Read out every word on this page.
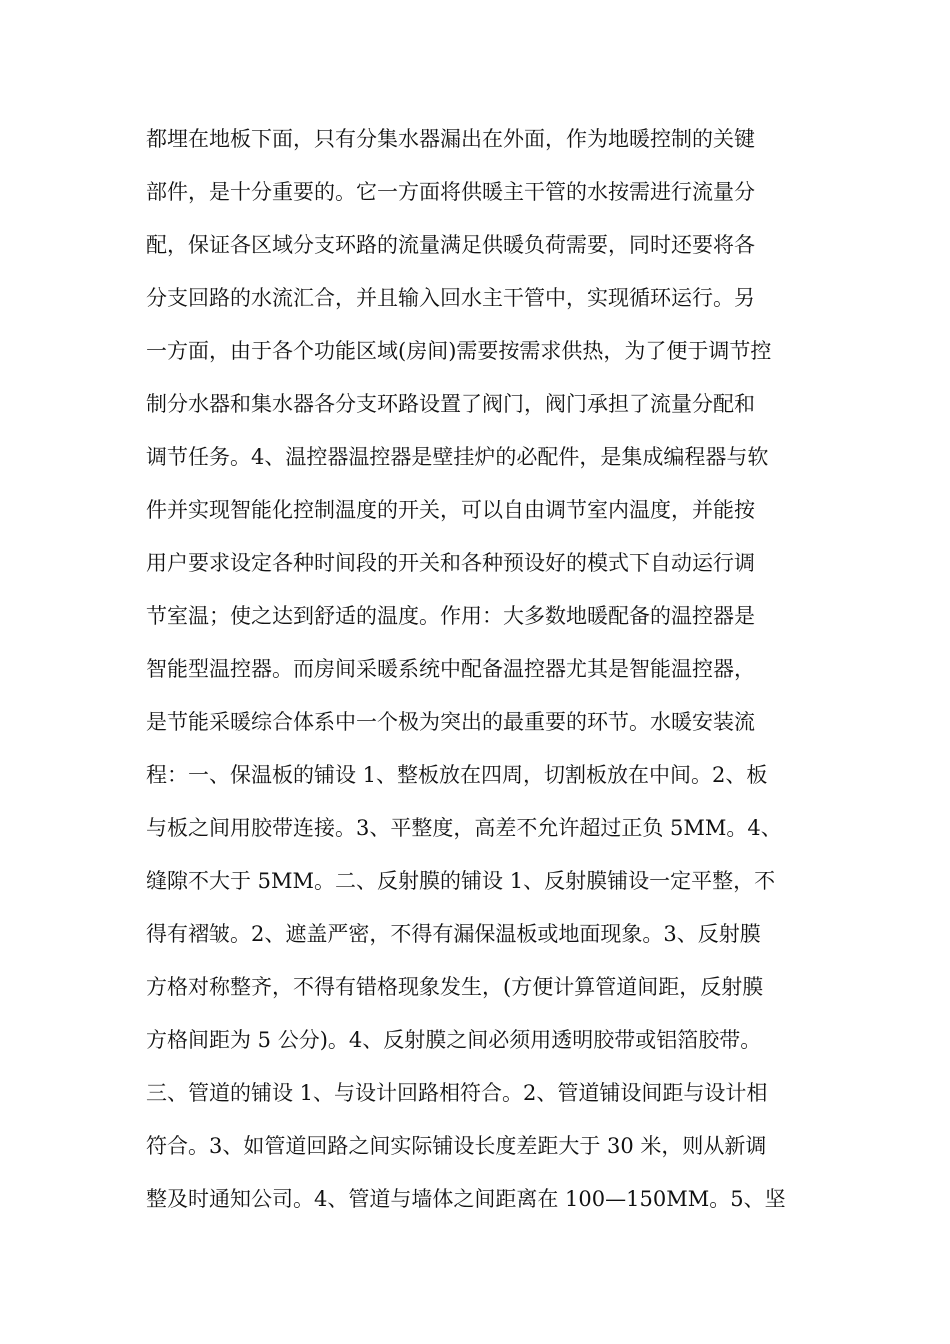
都埋在地板下面，只有分集水器漏出在外面，作为地暖控制的关键
部件，是十分重要的。它一方面将供暖主干管的水按需进行流量分
配，保证各区域分支环路的流量满足供暖负荷需要，同时还要将各
分支回路的水流汇合，并且输入回水主干管中，实现循环运行。另
一方面，由于各个功能区域(房间)需要按需求供热，为了便于调节控
制分水器和集水器各分支环路设置了阀门，阀门承担了流量分配和
调节任务。4、温控器温控器是壁挂炉的必配件，是集成编程器与软
件并实现智能化控制温度的开关，可以自由调节室内温度，并能按
用户要求设定各种时间段的开关和各种预设好的模式下自动运行调
节室温；使之达到舒适的温度。作用：大多数地暖配备的温控器是
智能型温控器。而房间采暖系统中配备温控器尤其是智能温控器，
是节能采暖综合体系中一个极为突出的最重要的环节。水暖安装流
程：一、保温板的铺设 1、整板放在四周，切割板放在中间。2、板
与板之间用胶带连接。3、平整度，高差不允许超过正负 5MM。4、
缝隙不大于 5MM。二、反射膜的铺设 1、反射膜铺设一定平整，不
得有褶皱。2、遮盖严密，不得有漏保温板或地面现象。3、反射膜
方格对称整齐，不得有错格现象发生，(方便计算管道间距，反射膜
方格间距为 5 公分)。4、反射膜之间必须用透明胶带或铝箔胶带。
三、管道的铺设 1、与设计回路相符合。2、管道铺设间距与设计相
符合。3、如管道回路之间实际铺设长度差距大于 30 米，则从新调
整及时通知公司。4、管道与墙体之间距离在 100—150MM。5、坚
